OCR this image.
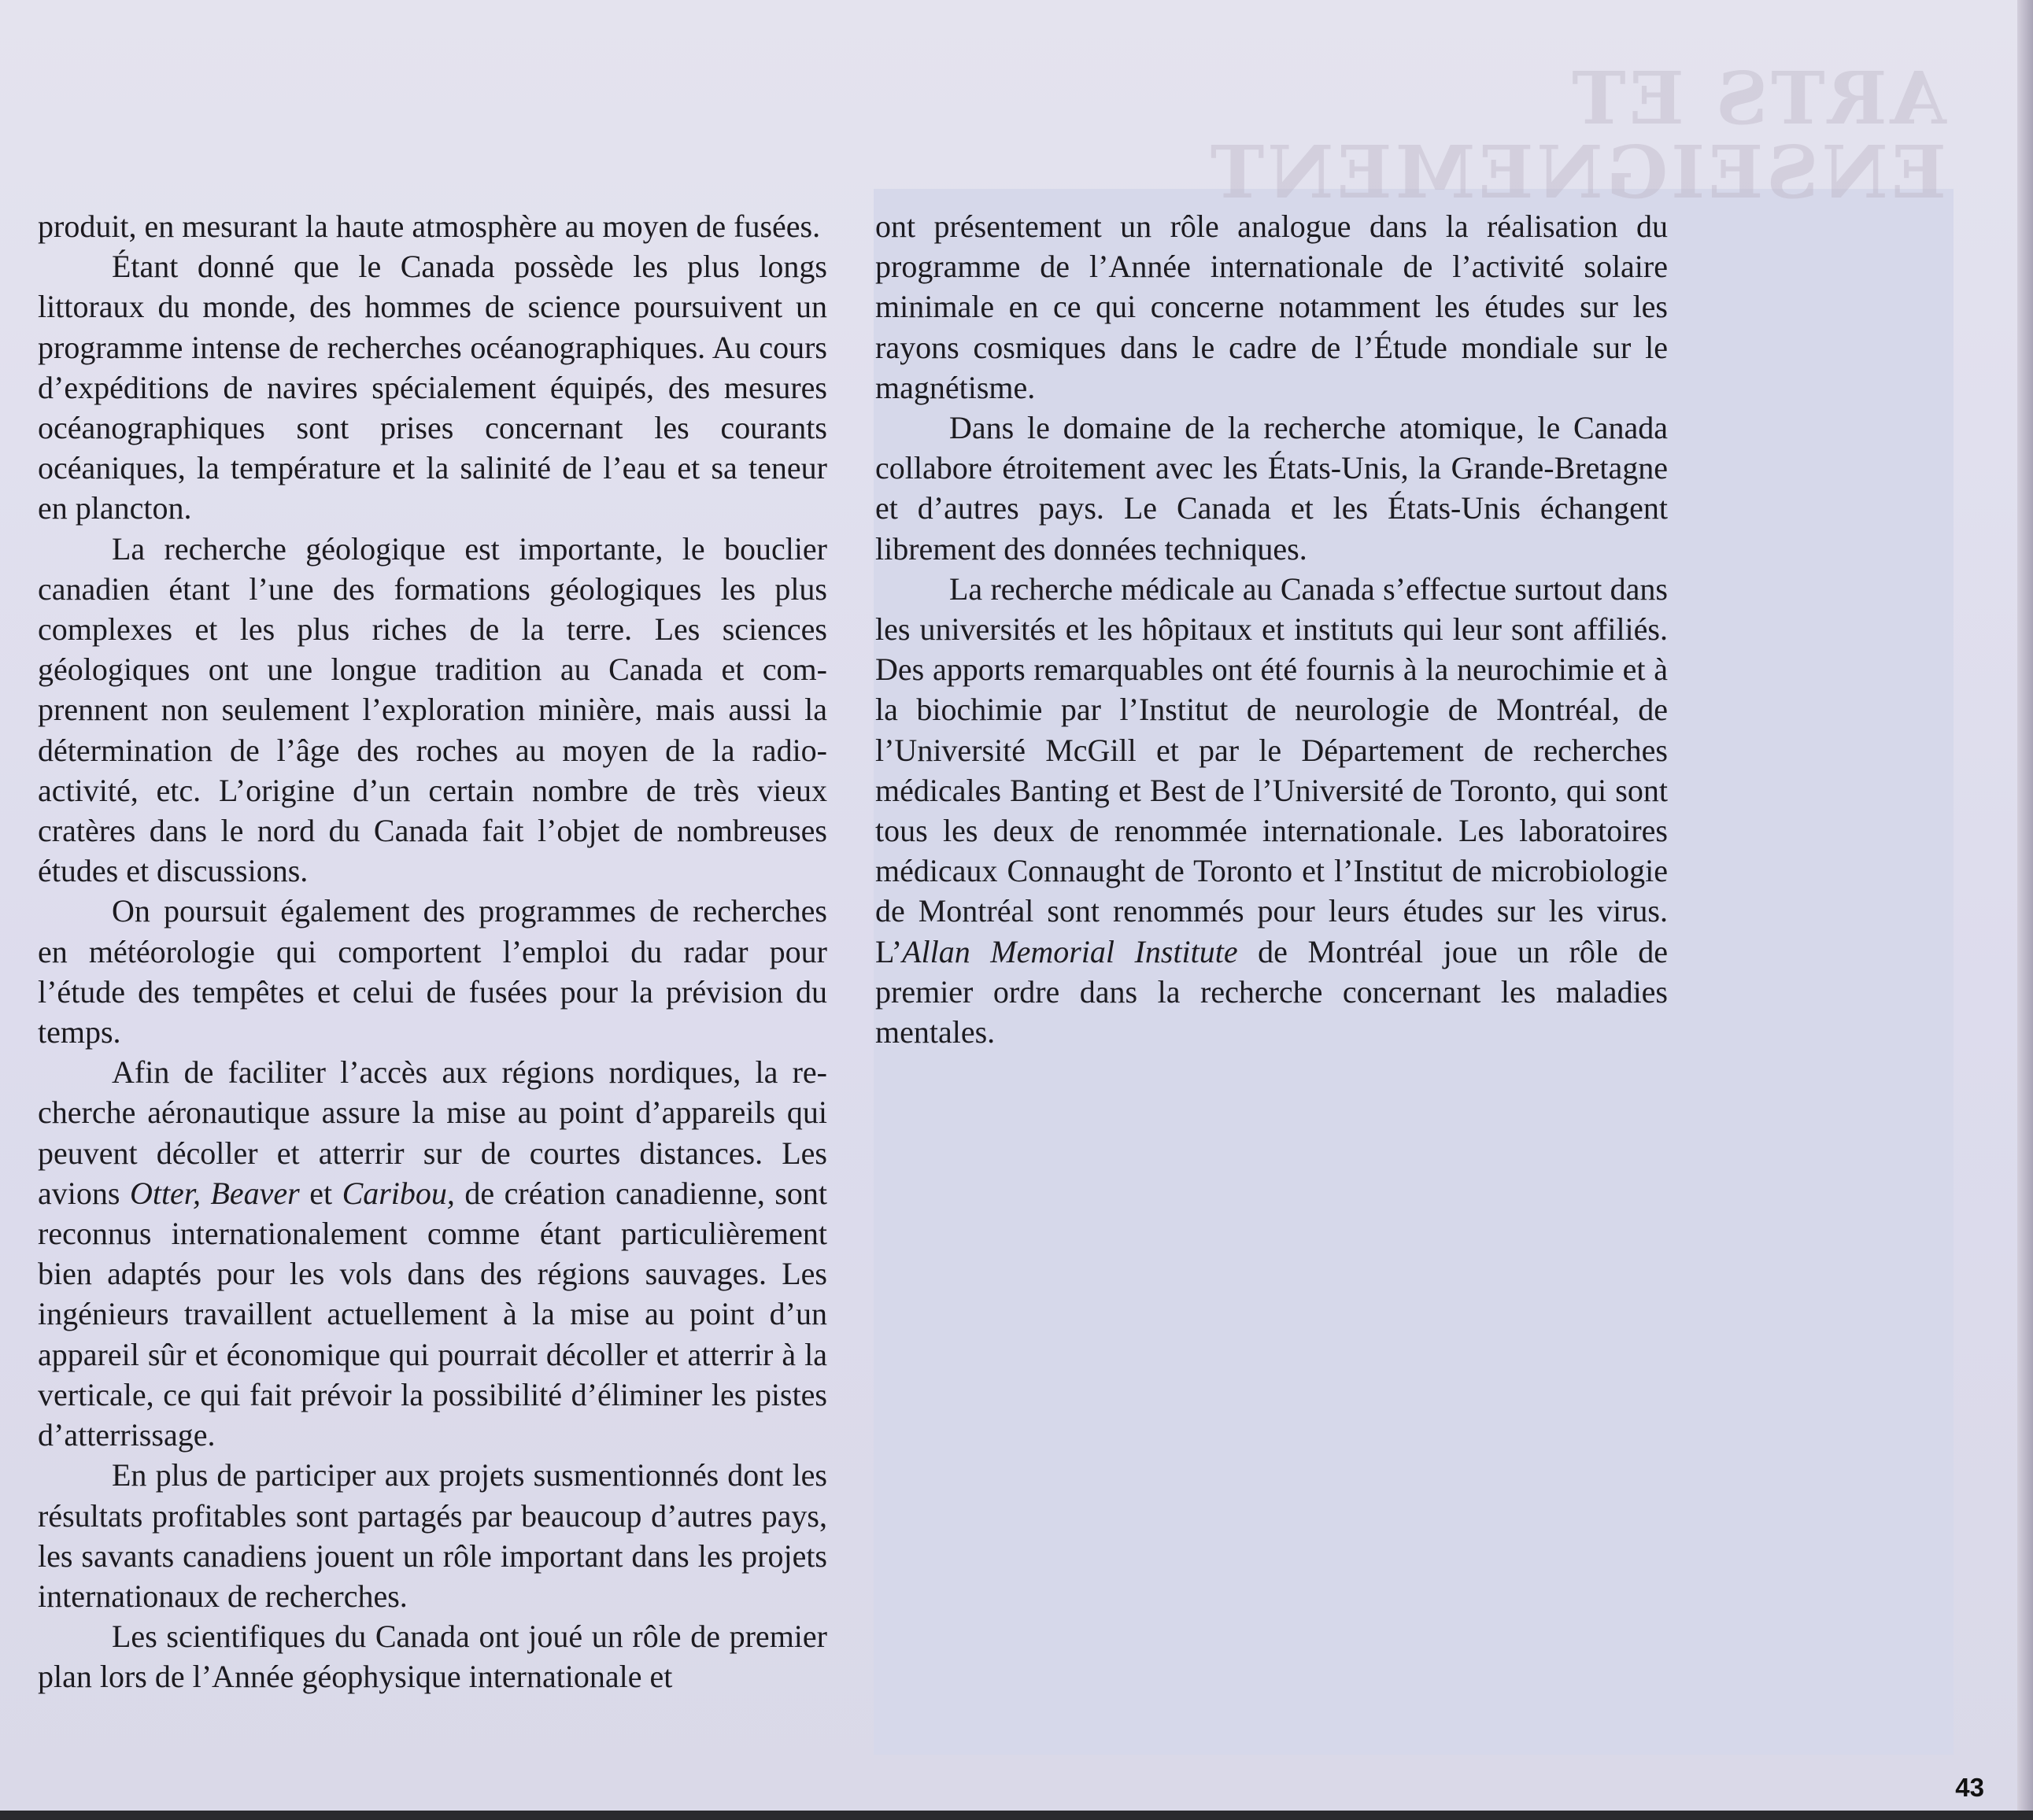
ARTS ET ENSEIGNEMENT

produit, en mesurant la haute atmosphère au moyen de fusées.

Étant donné que le Canada possède les plus longs littoraux du monde, des hommes de science poursuivent un programme intense de recherches océanographiques. Au cours d’expéditions de navires spécialement équipés, des mesures océanographiques sont prises concernant les courants océaniques, la température et la salinité de l’eau et sa teneur en plancton.

La recherche géologique est importante, le bouclier canadien étant l’une des formations géologiques les plus complexes et les plus riches de la terre. Les sciences géologiques ont une longue tradition au Canada et comprennent non seulement l’exploration minière, mais aussi la détermination de l’âge des roches au moyen de la radio-activité, etc. L’origine d’un certain nombre de très vieux cratères dans le nord du Canada fait l’objet de nombreuses études et discussions.

On poursuit également des programmes de recherches en météorologie qui comportent l’emploi du radar pour l’étude des tempêtes et celui de fusées pour la prévision du temps.

Afin de faciliter l’accès aux régions nordiques, la recherche aéronautique assure la mise au point d’appareils qui peuvent décoller et atterrir sur de courtes distances. Les avions Otter, Beaver et Caribou, de création canadienne, sont reconnus internationalement comme étant particulièrement bien adaptés pour les vols dans des régions sauvages. Les ingénieurs travaillent actuellement à la mise au point d’un appareil sûr et économique qui pourrait décoller et atterrir à la verticale, ce qui fait prévoir la possibilité d’éliminer les pistes d’atterrissage.

En plus de participer aux projets susmentionnés dont les résultats profitables sont partagés par beaucoup d’autres pays, les savants canadiens jouent un rôle important dans les projets internationaux de recherches.

Les scientifiques du Canada ont joué un rôle de premier plan lors de l’Année géophysique internationale et

ont présentement un rôle analogue dans la réalisation du programme de l’Année internationale de l’activité solaire minimale en ce qui concerne notamment les études sur les rayons cosmiques dans le cadre de l’Étude mondiale sur le magnétisme.

Dans le domaine de la recherche atomique, le Canada collabore étroitement avec les États-Unis, la Grande-Bretagne et d’autres pays. Le Canada et les États-Unis échangent librement des données techniques.

La recherche médicale au Canada s’effectue surtout dans les universités et les hôpitaux et instituts qui leur sont affiliés. Des apports remarquables ont été fournis à la neurochimie et à la biochimie par l’Institut de neurologie de Montréal, de l’Université McGill et par le Département de recherches médicales Banting et Best de l’Université de Toronto, qui sont tous les deux de renommée internationale. Les laboratoires médicaux Connaught de Toronto et l’Institut de microbiologie de Montréal sont renommés pour leurs études sur les virus. L’Allan Memorial Institute de Montréal joue un rôle de premier ordre dans la recherche concernant les maladies mentales.

43
